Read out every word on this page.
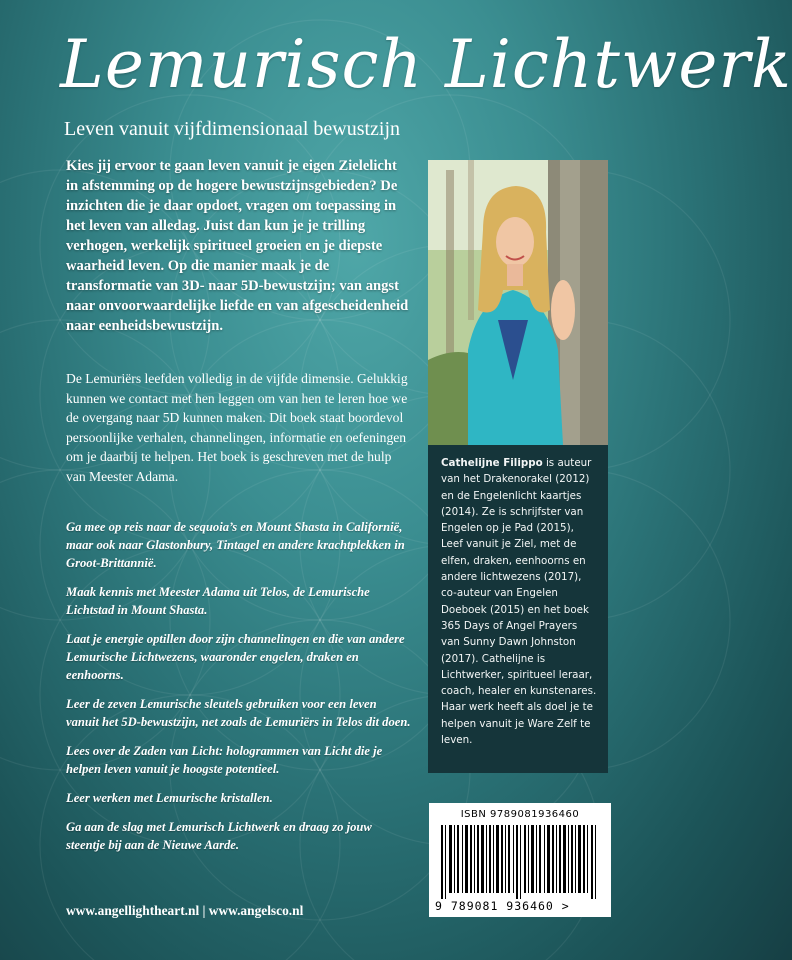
Lemurisch Lichtwerk
Leven vanuit vijfdimensionaal bewustzijn

Kies jij ervoor te gaan leven vanuit je eigen Zielelicht in afstemming op de hogere bewustzijnsgebieden? De inzichten die je daar opdoet, vragen om toepassing in het leven van alledag. Juist dan kun je je trilling verhogen, werkelijk spiritueel groeien en je diepste waarheid leven. Op die manier maak je de transformatie van 3D- naar 5D-bewustzijn; van angst naar onvoorwaardelijke liefde en van afgescheidenheid naar eenheidsbewustzijn.

De Lemuriërs leefden volledig in de vijfde dimensie. Gelukkig kunnen we contact met hen leggen om van hen te leren hoe we de overgang naar 5D kunnen maken. Dit boek staat boordevol persoonlijke verhalen, channelingen, informatie en oefeningen om je daarbij te helpen. Het boek is geschreven met de hulp van Meester Adama.

Ga mee op reis naar de sequoia’s en Mount Shasta in Californië, maar ook naar Glastonbury, Tintagel en andere krachtplekken in Groot-Brittannië.
Maak kennis met Meester Adama uit Telos, de Lemurische Lichtstad in Mount Shasta.
Laat je energie optillen door zijn channelingen en die van andere Lemurische Lichtwezens, waaronder engelen, draken en eenhoorns.
Leer de zeven Lemurische sleutels gebruiken voor een leven vanuit het 5D-bewustzijn, net zoals de Lemuriërs in Telos dit doen.
Lees over de Zaden van Licht: hologrammen van Licht die je helpen leven vanuit je hoogste potentieel.
Leer werken met Lemurische kristallen.
Ga aan de slag met Lemurisch Lichtwerk en draag zo jouw steentje bij aan de Nieuwe Aarde.
www.angellightheart.nl | www.angelsco.nl

Cathelijne Filippo is auteur van het Drakenorakel (2012) en de Engelenlicht kaartjes (2014). Ze is schrijfster van Engelen op je Pad (2015), Leef vanuit je Ziel, met de elfen, draken, eenhoorns en andere lichtwezens (2017), co-auteur van Engelen Doeboek (2015) en het boek 365 Days of Angel Prayers van Sunny Dawn Johnston (2017). Cathelijne is Lichtwerker, spiritueel leraar, coach, healer en kunstenares. Haar werk heeft als doel je te helpen vanuit je Ware Zelf te leven.

ISBN 9789081936460
9 789081 936460 >
